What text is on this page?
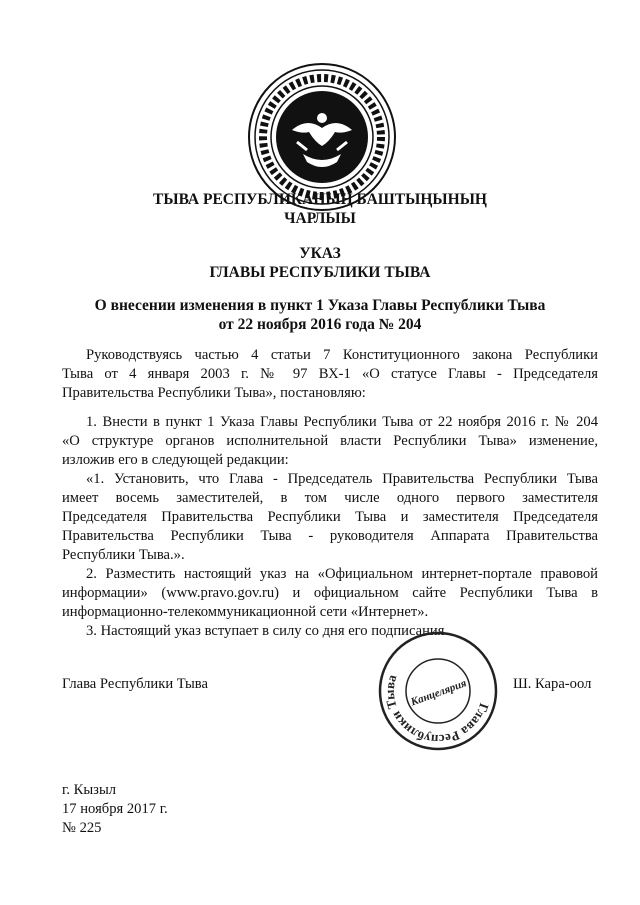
ТЫВА РЕСПУБЛИКАНЫҢ БАШТЫҢЫНЫҢ
ЧАРЛЫЫ
УКАЗ
ГЛАВЫ РЕСПУБЛИКИ ТЫВА
О внесении изменения в пункт 1 Указа Главы Республики Тыва
от 22 ноября 2016 года № 204
Руководствуясь частью 4 статьи 7 Конституционного закона Республики
Тыва от 4 января 2003 г. № 97 ВХ-1 «О статусе Главы - Председателя
Правительства Республики Тыва», постановляю:
1. Внести в пункт 1 Указа Главы Республики Тыва от 22 ноября 2016 г. № 204
«О структуре органов исполнительной власти Республики Тыва» изменение,
изложив его в следующей редакции:
«1. Установить, что Глава - Председатель Правительства Республики Тыва
имеет восемь заместителей, в том числе одного первого заместителя
Председателя Правительства Республики Тыва и заместителя Председателя
Правительства Республики Тыва - руководителя Аппарата Правительства
Республики Тыва.».
2. Разместить настоящий указ на «Официальном интернет-портале правовой
информации» (www.pravo.gov.ru) и официальном сайте Республики Тыва в
информационно-телекоммуникационной сети «Интернет».
3. Настоящий указ вступает в силу со дня его подписания.
Глава Республики Тыва Канцелярия
Глава Республики Тыва	Ш. Кара-оол
г. Кызыл
17 ноября 2017 г.
№ 225
